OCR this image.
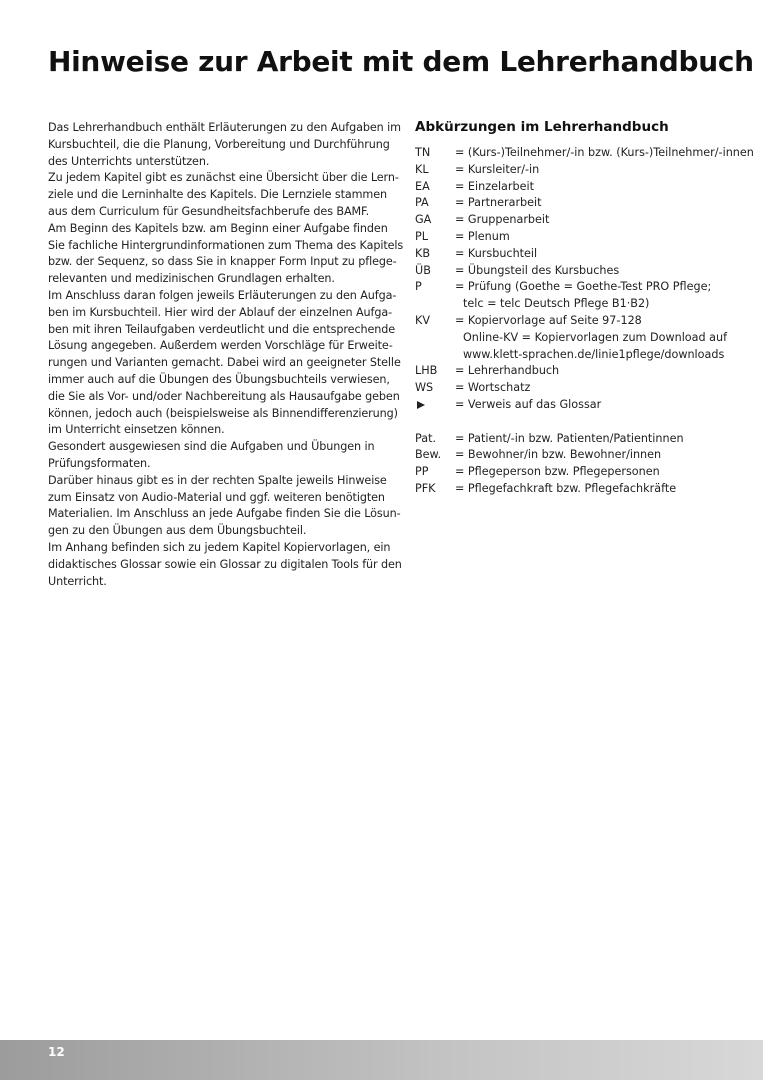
Hinweise zur Arbeit mit dem Lehrerhandbuch

Das Lehrerhandbuch enthält Erläuterungen zu den Aufgaben im

Kursbuchteil, die die Planung, Vorbereitung und Durchführung

des Unterrichts unterstützen.

Zu jedem Kapitel gibt es zunächst eine Übersicht über die Lern-

ziele und die Lerninhalte des Kapitels. Die Lernziele stammen

aus dem Curriculum für Gesundheitsfachberufe des BAMF.

Am Beginn des Kapitels bzw. am Beginn einer Aufgabe finden

Sie fachliche Hintergrundinformationen zum Thema des Kapitels

bzw. der Sequenz, so dass Sie in knapper Form Input zu pflege-

relevanten und medizinischen Grundlagen erhalten.

Im Anschluss daran folgen jeweils Erläuterungen zu den Aufga-

ben im Kursbuchteil. Hier wird der Ablauf der einzelnen Aufga-

ben mit ihren Teilaufgaben verdeutlicht und die entsprechende

Lösung angegeben. Außerdem werden Vorschläge für Erweite-

rungen und Varianten gemacht. Dabei wird an geeigneter Stelle

immer auch auf die Übungen des Übungsbuchteils verwiesen,

die Sie als Vor- und/oder Nachbereitung als Hausaufgabe geben

können, jedoch auch (beispielsweise als Binnendifferenzierung)

im Unterricht einsetzen können.

Gesondert ausgewiesen sind die Aufgaben und Übungen in

Prüfungsformaten.

Darüber hinaus gibt es in der rechten Spalte jeweils Hinweise

zum Einsatz von Audio-Material und ggf. weiteren benötigten

Materialien. Im Anschluss an jede Aufgabe finden Sie die Lösun-

gen zu den Übungen aus dem Übungsbuchteil.

Im Anhang befinden sich zu jedem Kapitel Kopiervorlagen, ein

didaktisches Glossar sowie ein Glossar zu digitalen Tools für den

Unterricht.

Abkürzungen im Lehrerhandbuch
TN	= (Kurs-)Teilnehmer/-in bzw. (Kurs-)Teilnehmer/-innen
KL	= Kursleiter/-in
EA	= Einzelarbeit
PA	= Partnerarbeit
GA	= Gruppenarbeit
PL	= Plenum
KB	= Kursbuchteil
ÜB	= Übungsteil des Kursbuches
P	= Prüfung (Goethe = Goethe-Test PRO Pflege;
telc = telc Deutsch Pflege B1·B2)
KV	= Kopiervorlage auf Seite 97-128
Online-KV = Kopiervorlagen zum Download auf
www.klett-sprachen.de/linie1pflege/downloads
LHB	= Lehrerhandbuch
WS	= Wortschatz
= Verweis auf das Glossar
Pat.	= Patient/-in bzw. Patienten/Patientinnen
Bew.	= Bewohner/in bzw. Bewohner/innen
PP	= Pflegeperson bzw. Pflegepersonen
PFK	= Pflegefachkraft bzw. Pflegefachkräfte

12
